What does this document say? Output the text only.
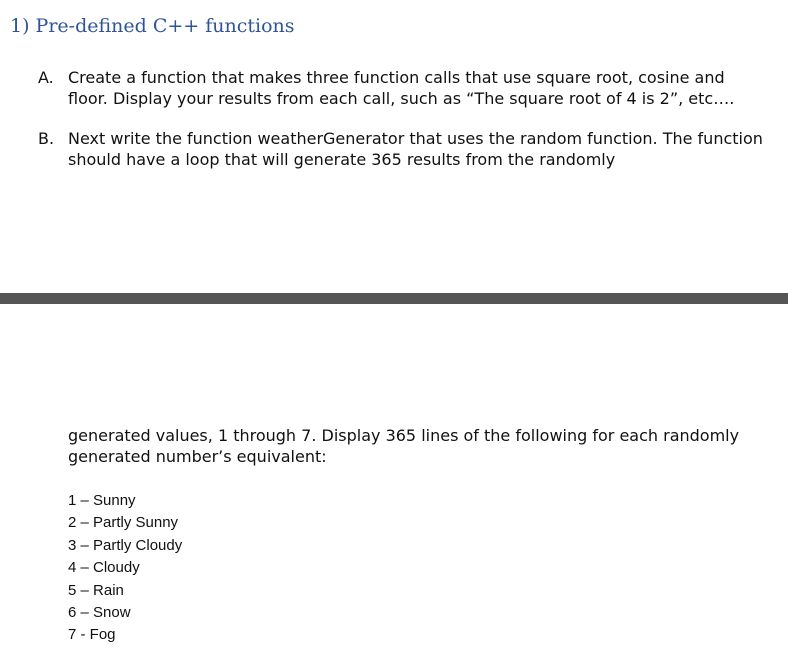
1) Pre-defined C++ functions
A. Create a function that makes three function calls that use square root, cosine and floor. Display your results from each call, such as “The square root of 4 is 2”, etc….
B. Next write the function weatherGenerator that uses the random function. The function should have a loop that will generate 365 results from the randomly
generated values, 1 through 7. Display 365 lines of the following for each randomly generated number’s equivalent:
1 – Sunny
2 – Partly Sunny
3 – Partly Cloudy
4 – Cloudy
5 – Rain
6 – Snow
7 - Fog
